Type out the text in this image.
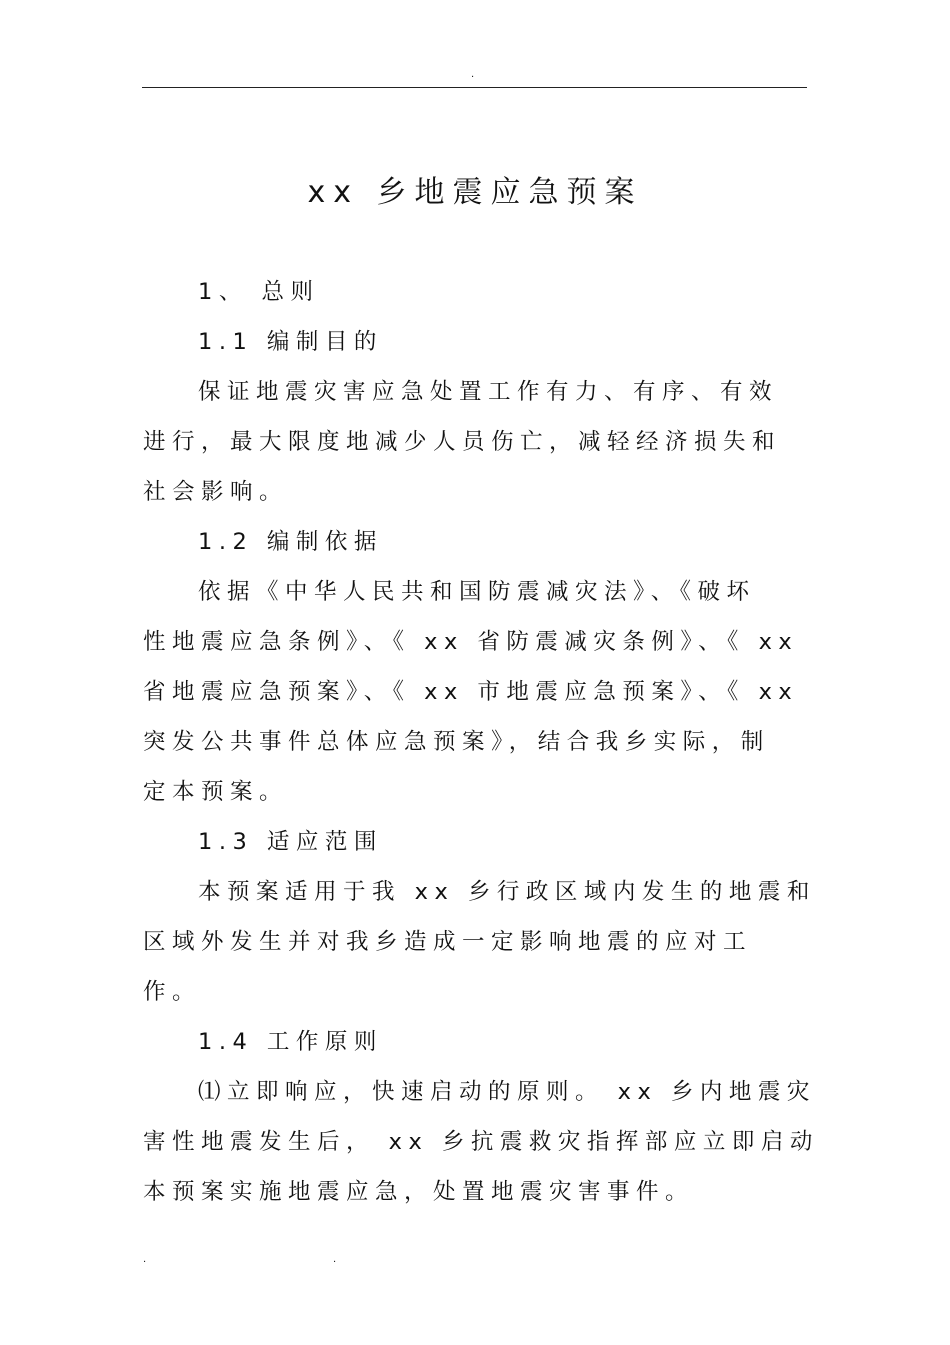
.
xx 乡地震应急预案
1、 总则
1.1 编制目的
保证地震灾害应急处置工作有力、有序、有效
进行，最大限度地减少人员伤亡，减轻经济损失和
社会影响。
1.2 编制依据
依据《中华人民共和国防震减灾法》、《破坏
性地震应急条例》、《 xx 省防震减灾条例》、《 xx
省地震应急预案》、《 xx 市地震应急预案》、《 xx
突发公共事件总体应急预案》，结合我乡实际，制
定本预案。
1.3 适应范围
本预案适用于我 xx 乡行政区域内发生的地震和
区域外发生并对我乡造成一定影响地震的应对工
作。
1.4 工作原则
⑴立即响应，快速启动的原则。 xx 乡内地震灾
害性地震发生后， xx 乡抗震救灾指挥部应立即启动
本预案实施地震应急，处置地震灾害事件。
.	.
